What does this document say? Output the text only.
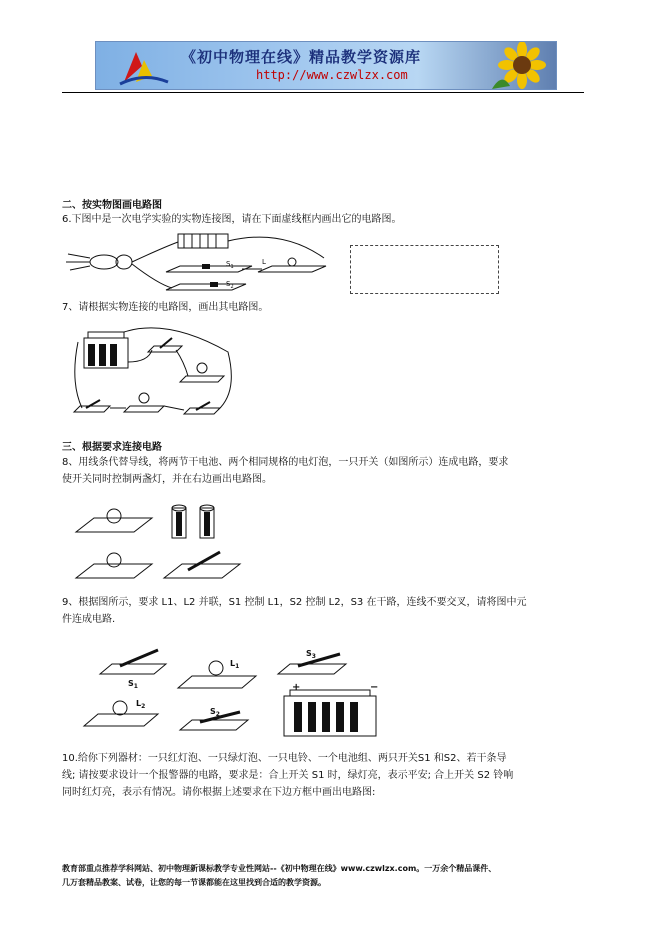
《初中物理在线》精品教学资源库
http://www.czwlzx.com
二、按实物图画电路图
6.下图中是一次电学实验的实物连接图，请在下面虚线框内画出它的电路图。
$S_1$
$S_2$
L
7、请根据实物连接的电路图，画出其电路图。
三、根据要求连接电路
8、用线条代替导线，将两节干电池、两个相同规格的电灯泡，一只开关（如图所示）连成电路，要求
使开关同时控制两盏灯，并在右边画出电路图。
9、根据图所示，要求 L1、L2 并联，S1 控制 L1，S2 控制 L2，S3 在干路，连线不要交叉，请将图中元
件连成电路.
$S_1$
$L_1$
$S_3$
$L_2$
$S_2$
+	−
10.给你下列器材：一只红灯泡、一只绿灯泡、一只电铃、一个电池组、两只开关S1 和S2、若干条导
线; 请按要求设计一个报警器的电路，要求是：合上开关 S1 时，绿灯亮，表示平安; 合上开关 S2 铃响
同时红灯亮，表示有情况。请你根据上述要求在下边方框中画出电路图:
教育部重点推荐学科网站、初中物理新课标教学专业性网站--《初中物理在线》www.czwlzx.com。一万余个精品课件、
几万套精品教案、试卷，让您的每一节课都能在这里找到合适的教学资源。
